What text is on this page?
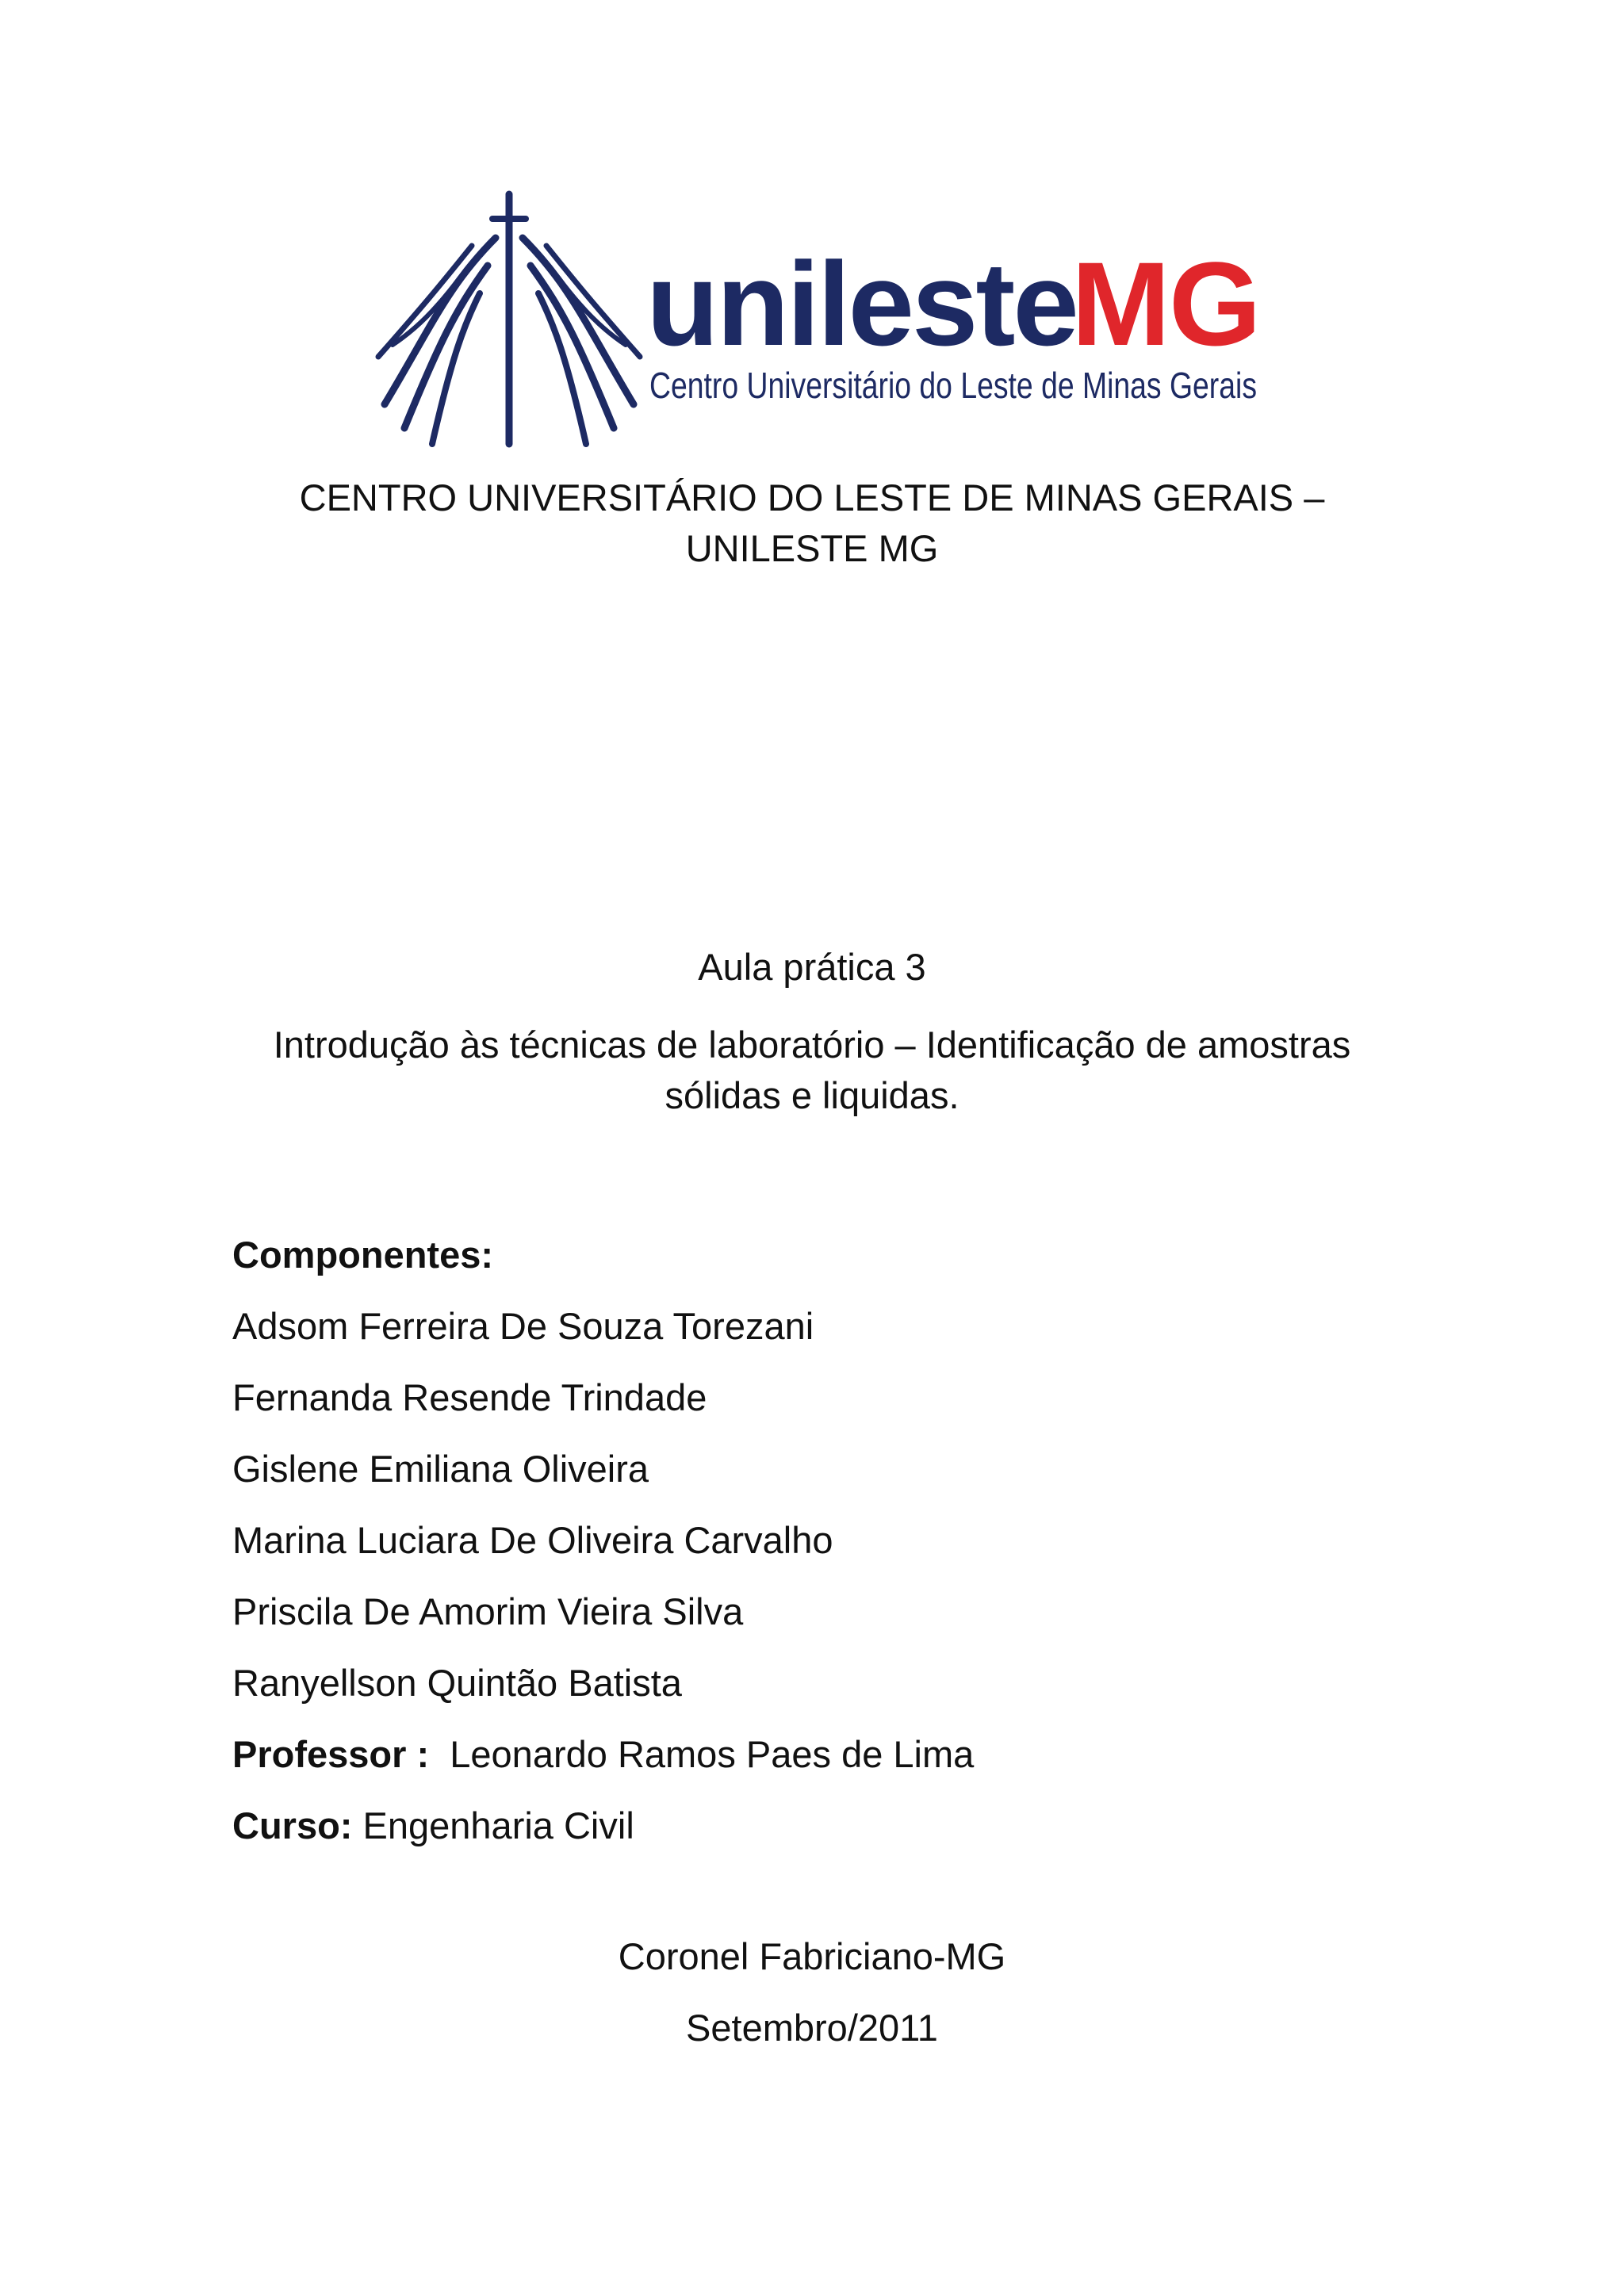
unileste
MG
Centro Universitário do Leste de Minas Gerais
CENTRO UNIVERSITÁRIO DO LESTE DE MINAS GERAIS –
UNILESTE MG
Aula prática 3
Introdução às técnicas de laboratório – Identificação de amostras
sólidas e liquidas.
Componentes:
Adsom Ferreira De Souza Torezani
Fernanda Resende Trindade
Gislene Emiliana Oliveira
Marina Luciara De Oliveira Carvalho
Priscila De Amorim Vieira Silva
Ranyellson Quintão Batista
Professor : Leonardo Ramos Paes de Lima
Curso: Engenharia Civil
Coronel Fabriciano-MG
Setembro/2011
